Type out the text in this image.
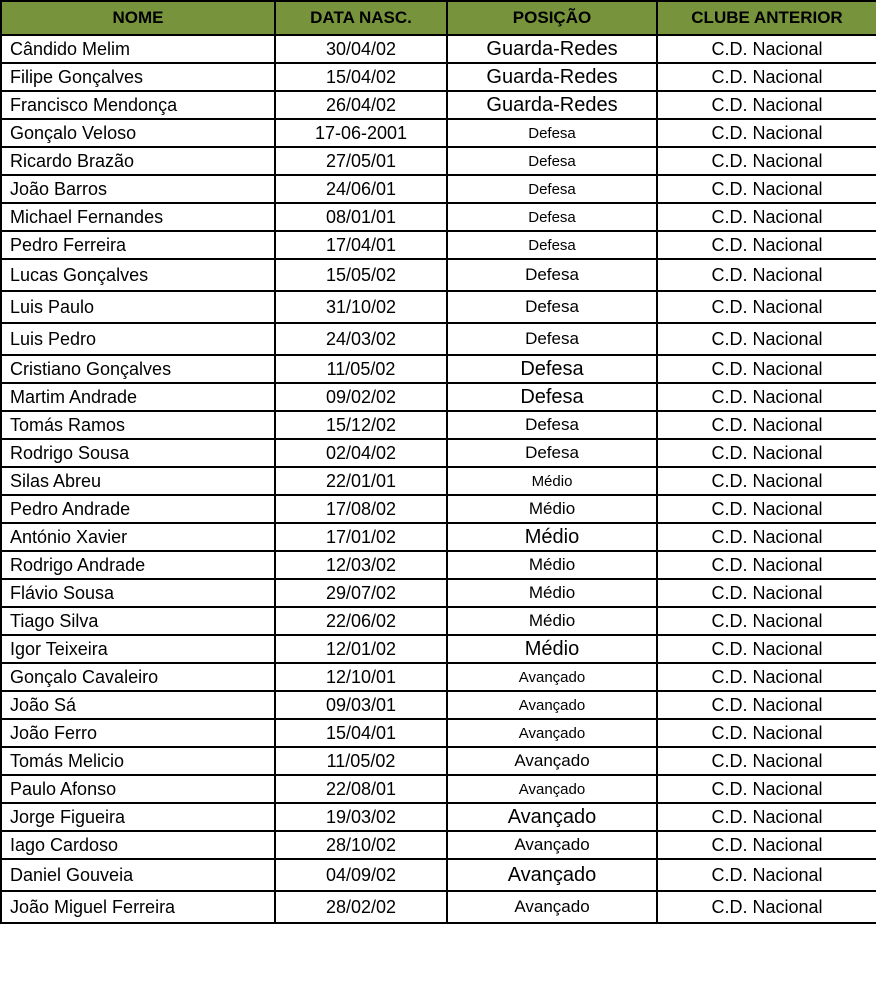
NOME	DATA NASC.	POSIÇÃO	CLUBE ANTERIOR
Cândido Melim	30/04/02	Guarda-Redes	C.D. Nacional
Filipe Gonçalves	15/04/02	Guarda-Redes	C.D. Nacional
Francisco Mendonça	26/04/02	Guarda-Redes	C.D. Nacional
Gonçalo Veloso	17-06-2001	Defesa	C.D. Nacional
Ricardo Brazão	27/05/01	Defesa	C.D. Nacional
João Barros	24/06/01	Defesa	C.D. Nacional
Michael Fernandes	08/01/01	Defesa	C.D. Nacional
Pedro Ferreira	17/04/01	Defesa	C.D. Nacional
Lucas Gonçalves	15/05/02	Defesa	C.D. Nacional
Luis Paulo	31/10/02	Defesa	C.D. Nacional
Luis Pedro	24/03/02	Defesa	C.D. Nacional
Cristiano Gonçalves	11/05/02	Defesa	C.D. Nacional
Martim Andrade	09/02/02	Defesa	C.D. Nacional
Tomás Ramos	15/12/02	Defesa	C.D. Nacional
Rodrigo Sousa	02/04/02	Defesa	C.D. Nacional
Silas Abreu	22/01/01	Médio	C.D. Nacional
Pedro Andrade	17/08/02	Médio	C.D. Nacional
António Xavier	17/01/02	Médio	C.D. Nacional
Rodrigo Andrade	12/03/02	Médio	C.D. Nacional
Flávio Sousa	29/07/02	Médio	C.D. Nacional
Tiago Silva	22/06/02	Médio	C.D. Nacional
Igor Teixeira	12/01/02	Médio	C.D. Nacional
Gonçalo Cavaleiro	12/10/01	Avançado	C.D. Nacional
João Sá	09/03/01	Avançado	C.D. Nacional
João Ferro	15/04/01	Avançado	C.D. Nacional
Tomás Melicio	11/05/02	Avançado	C.D. Nacional
Paulo Afonso	22/08/01	Avançado	C.D. Nacional
Jorge Figueira	19/03/02	Avançado	C.D. Nacional
Iago Cardoso	28/10/02	Avançado	C.D. Nacional
Daniel Gouveia	04/09/02	Avançado	C.D. Nacional
João Miguel Ferreira	28/02/02	Avançado	C.D. Nacional
